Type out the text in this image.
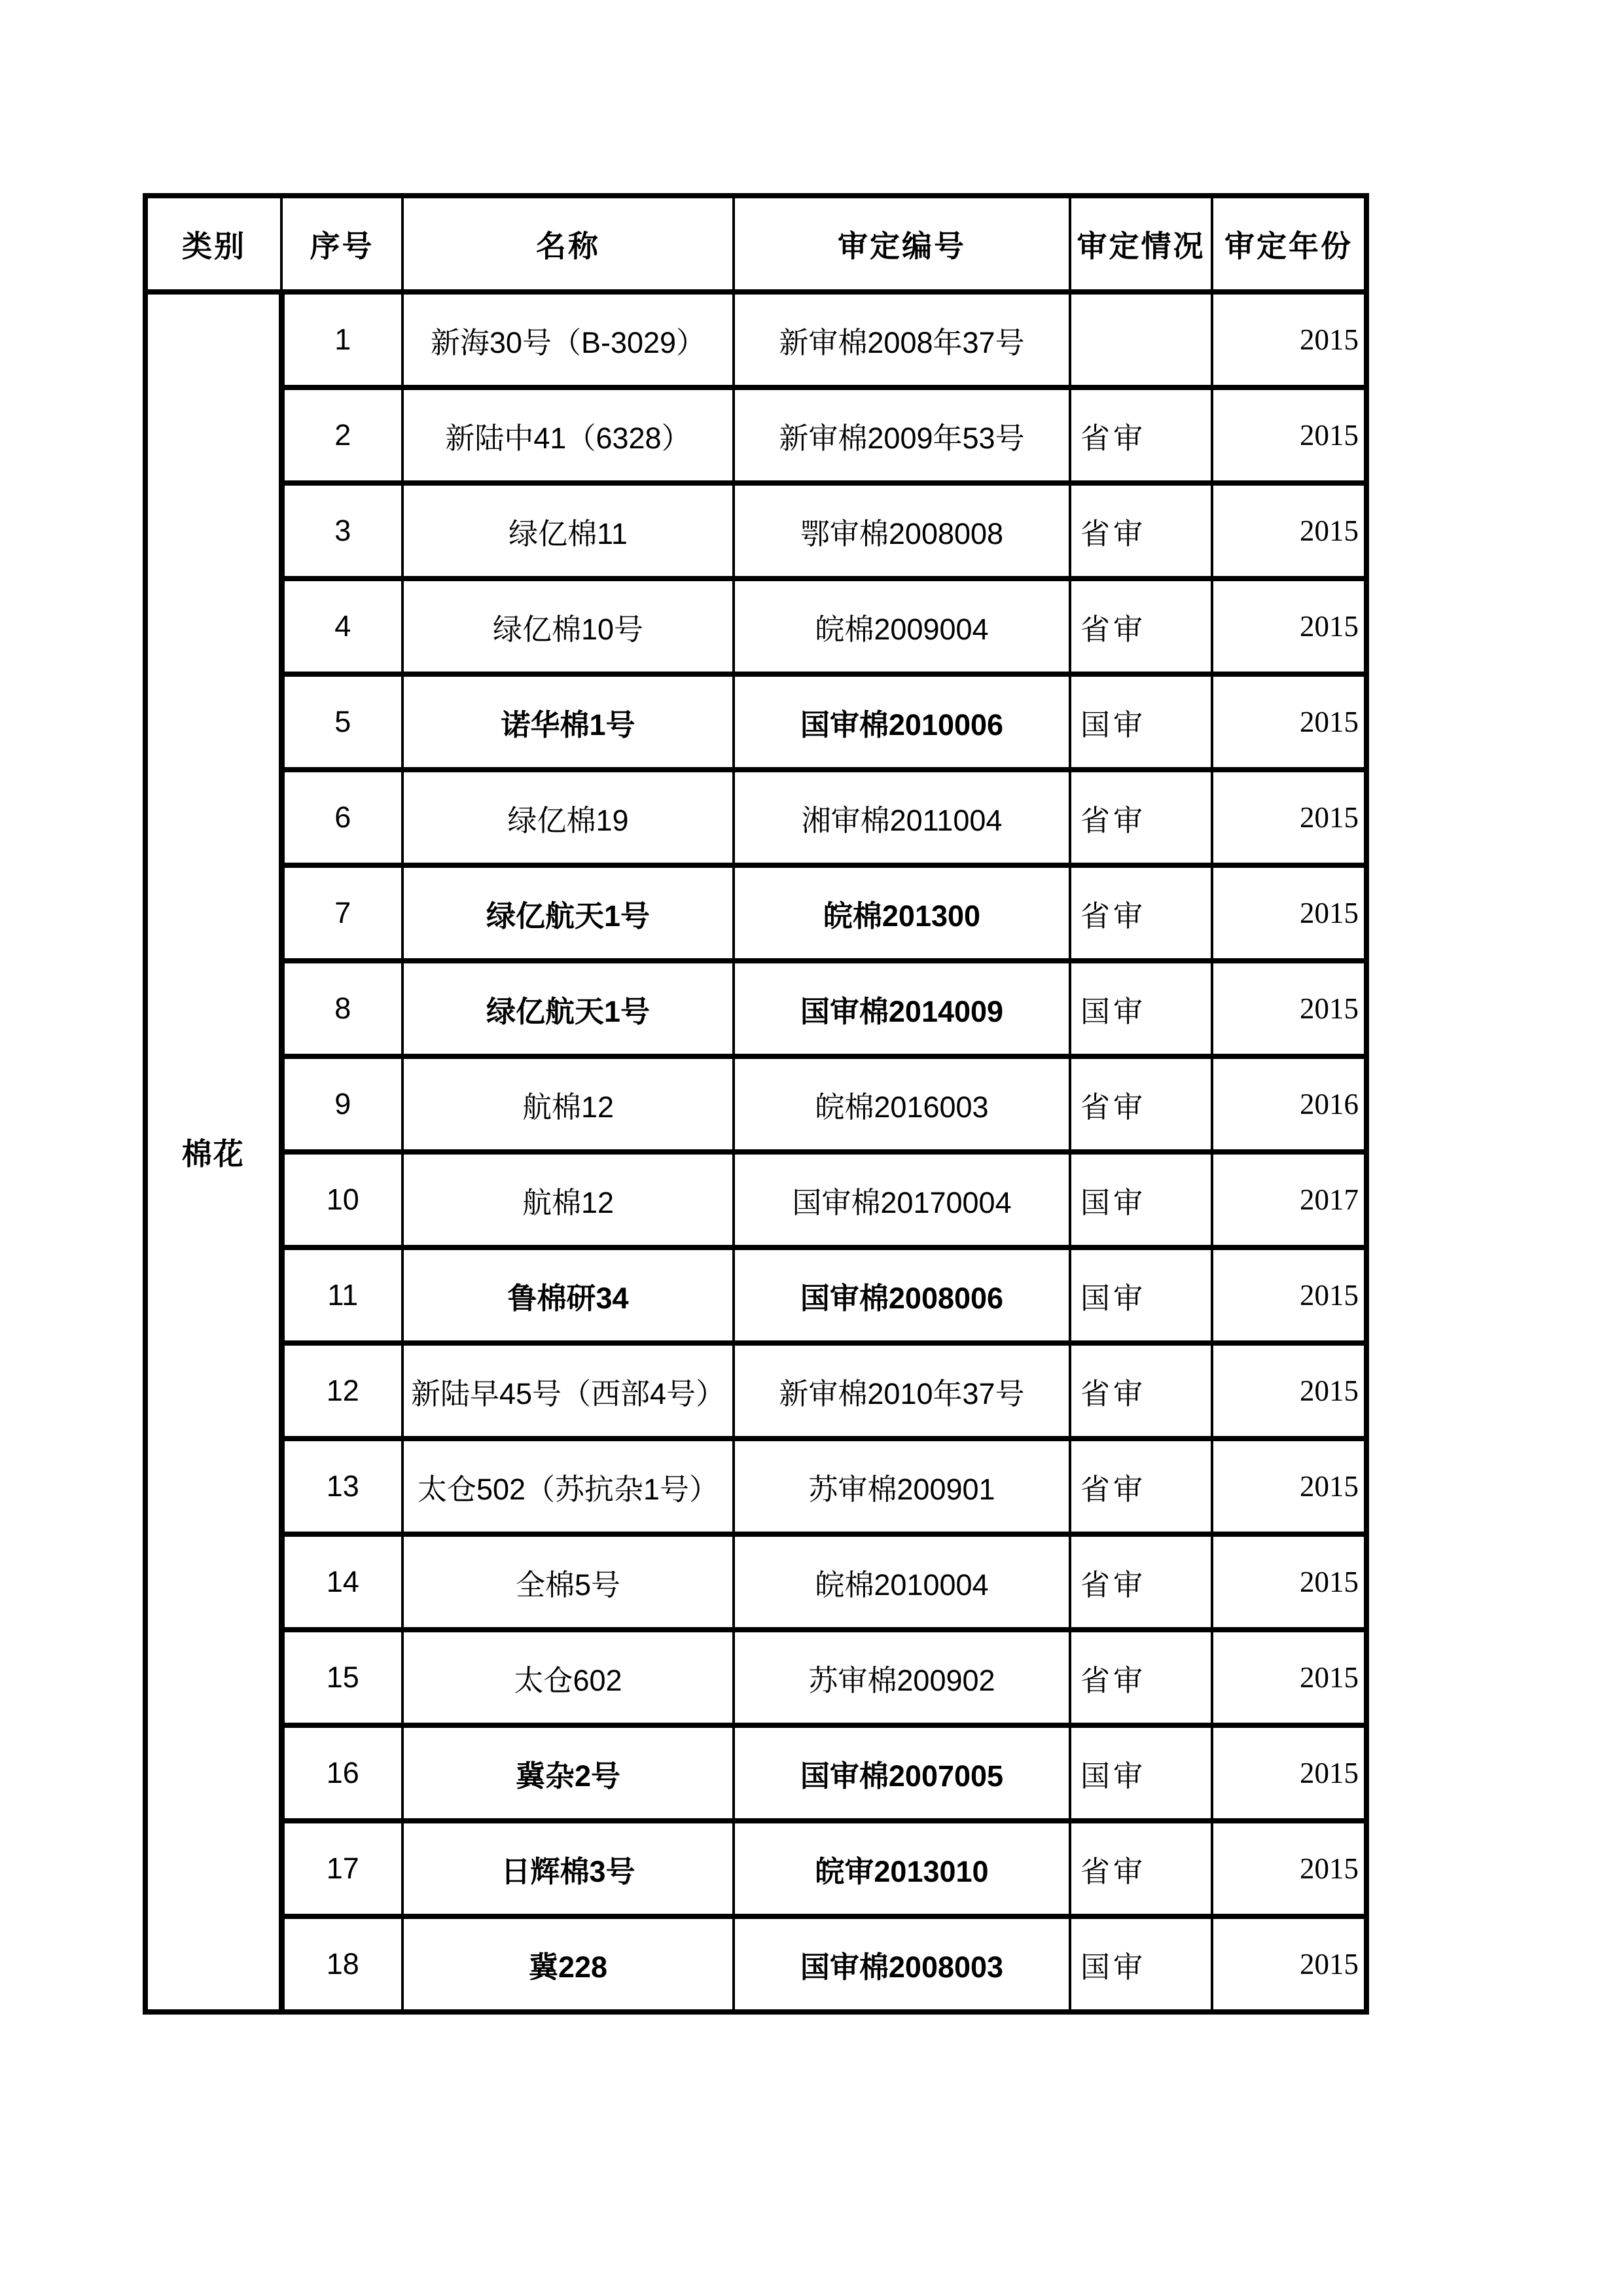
类别	序号	名称	审定编号	审定情况	审定年份
棉花	1	新海30号（B-3029）	新审棉2008年37号		2015
	2	新陆中41（6328）	新审棉2009年53号	省审	2015
	3	绿亿棉11	鄂审棉2008008	省审	2015
	4	绿亿棉10号	皖棉2009004	省审	2015
	5	诺华棉1号	国审棉2010006	国审	2015
	6	绿亿棉19	湘审棉2011004	省审	2015
	7	绿亿航天1号	皖棉201300	省审	2015
	8	绿亿航天1号	国审棉2014009	国审	2015
	9	航棉12	皖棉2016003	省审	2016
	10	航棉12	国审棉20170004	国审	2017
	11	鲁棉研34	国审棉2008006	国审	2015
	12	新陆早45号（西部4号）	新审棉2010年37号	省审	2015
	13	太仓502（苏抗杂1号）	苏审棉200901	省审	2015
	14	全棉5号	皖棉2010004	省审	2015
	15	太仓602	苏审棉200902	省审	2015
	16	冀杂2号	国审棉2007005	国审	2015
	17	日辉棉3号	皖审2013010	省审	2015
	18	冀228	国审棉2008003	国审	2015
